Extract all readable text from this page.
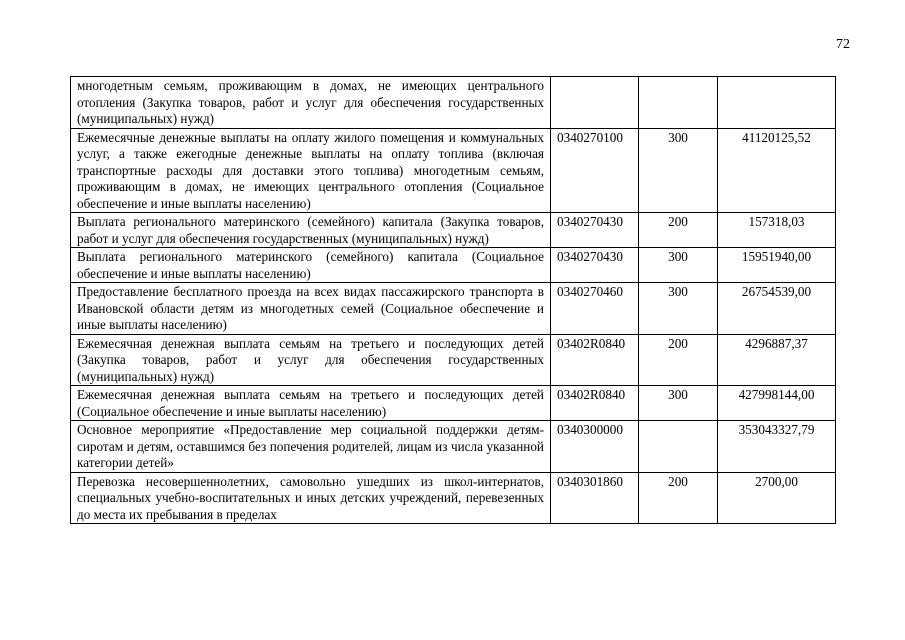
72
многодетным семьям, проживающим в домах, не имеющих центрального отопления (Закупка товаров, работ и услуг для обеспечения государственных (муниципальных) нужд)			
Ежемесячные денежные выплаты на оплату жилого помещения и коммунальных услуг, а также ежегодные денежные выплаты на оплату топлива (включая транспортные расходы для доставки этого топлива) многодетным семьям, проживающим в домах, не имеющих центрального отопления (Социальное обеспечение и иные выплаты населению)	0340270100	300	41120125,52
Выплата регионального материнского (семейного) капитала (Закупка товаров, работ и услуг для обеспечения государственных (муниципальных) нужд)	0340270430	200	157318,03
Выплата регионального материнского (семейного) капитала (Социальное обеспечение и иные выплаты населению)	0340270430	300	15951940,00
Предоставление бесплатного проезда на всех видах пассажирского транспорта в Ивановской области детям из многодетных семей (Социальное обеспечение и иные выплаты населению)	0340270460	300	26754539,00
Ежемесячная денежная выплата семьям на третьего и последующих детей (Закупка товаров, работ и услуг для обеспечения государственных (муниципальных) нужд)	03402R0840	200	4296887,37
Ежемесячная денежная выплата семьям на третьего и последующих детей (Социальное обеспечение и иные выплаты населению)	03402R0840	300	427998144,00
Основное мероприятие «Предоставление мер социальной поддержки детям-сиротам и детям, оставшимся без попечения родителей, лицам из числа указанной категории детей»	0340300000		353043327,79
Перевозка несовершеннолетних, самовольно ушедших из школ-интернатов, специальных учебно-воспитательных и иных детских учреждений, перевезенных до места их пребывания в пределах	0340301860	200	2700,00
